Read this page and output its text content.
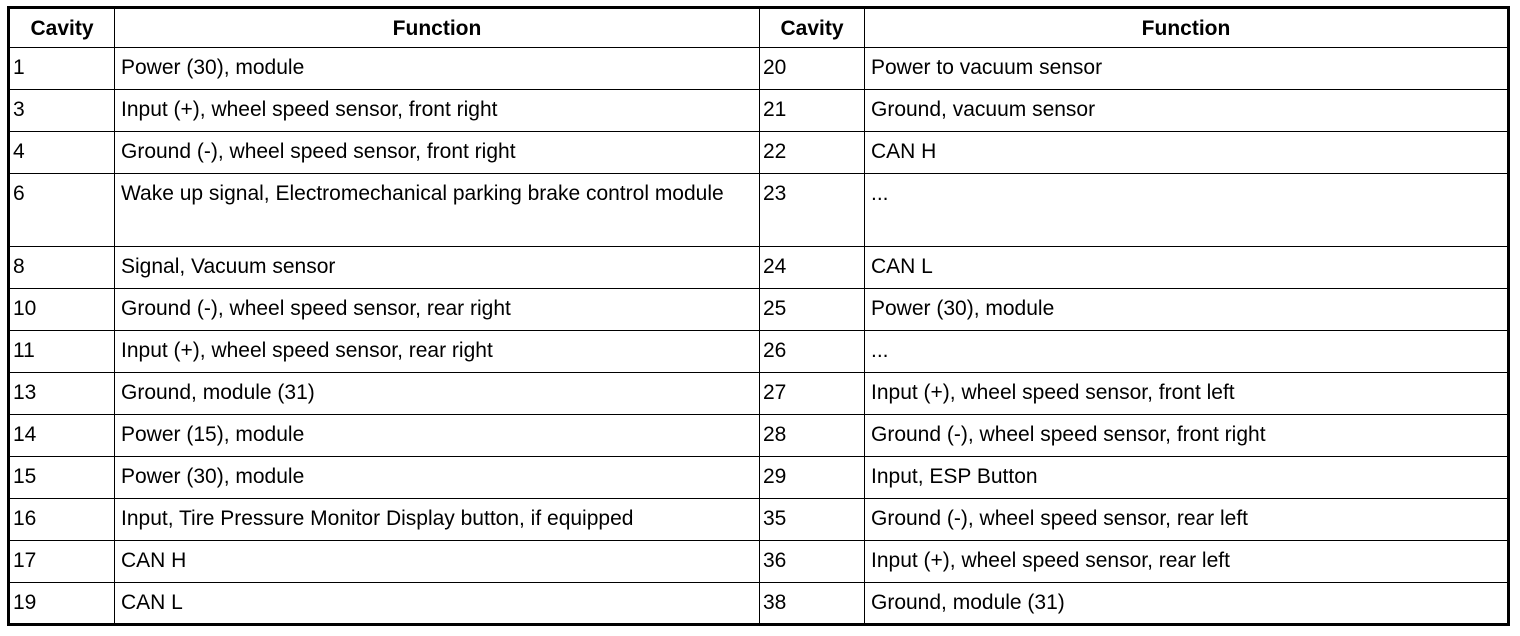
Cavity	Function	Cavity	Function
1	Power (30), module	20	Power to vacuum sensor
3	Input (+), wheel speed sensor, front right	21	Ground, vacuum sensor
4	Ground (-), wheel speed sensor, front right	22	CAN H
6	Wake up signal, Electromechanical parking brake control module	23	...
8	Signal, Vacuum sensor	24	CAN L
10	Ground (-), wheel speed sensor, rear right	25	Power (30), module
11	Input (+), wheel speed sensor, rear right	26	...
13	Ground, module (31)	27	Input (+), wheel speed sensor, front left
14	Power (15), module	28	Ground (-), wheel speed sensor, front right
15	Power (30), module	29	Input, ESP Button
16	Input, Tire Pressure Monitor Display button, if equipped	35	Ground (-), wheel speed sensor, rear left
17	CAN H	36	Input (+), wheel speed sensor, rear left
19	CAN L	38	Ground, module (31)
